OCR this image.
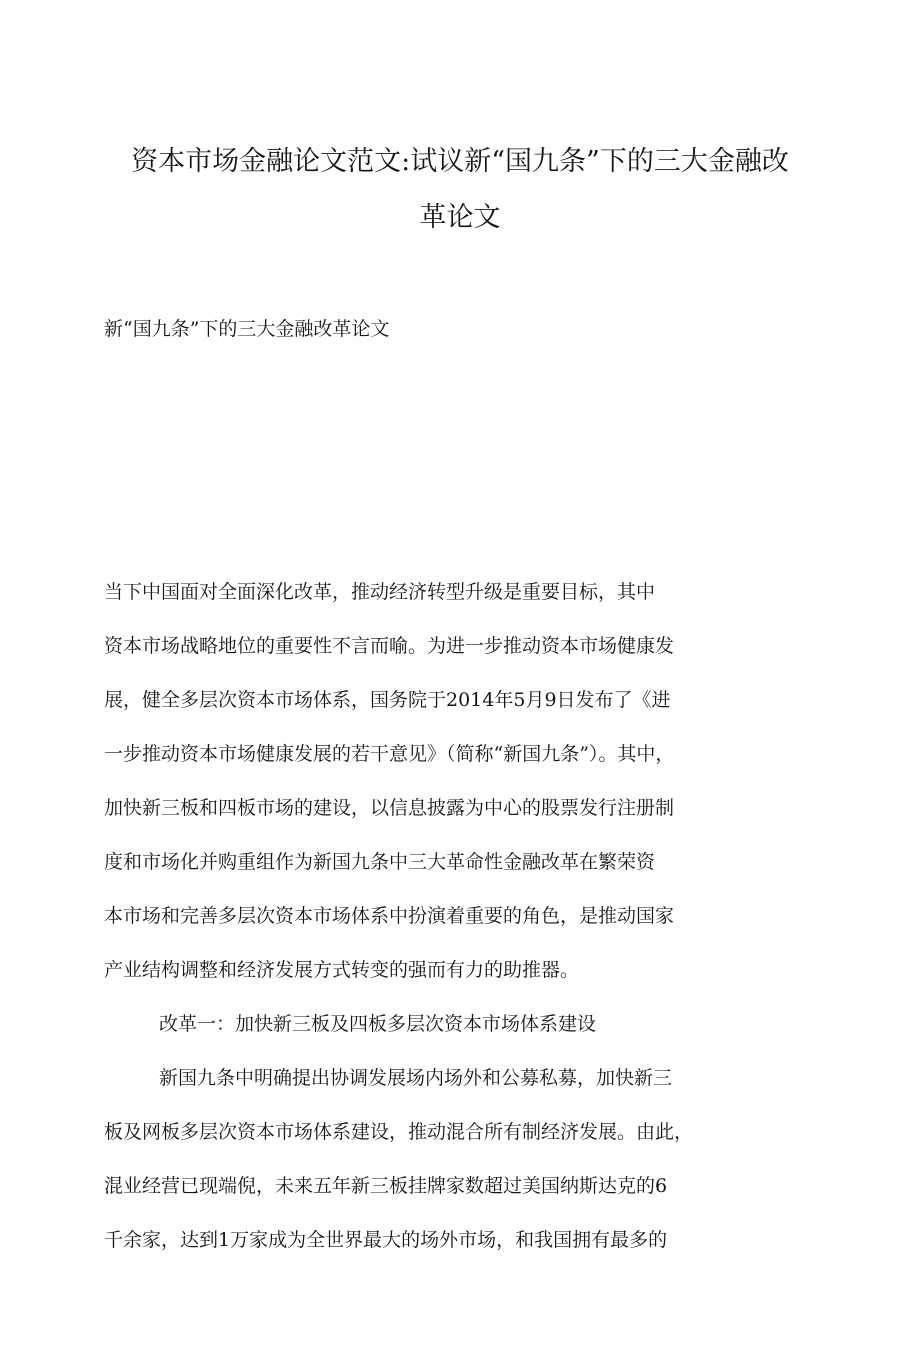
资本市场金融论文范文:试议新“国九条”下的三大金融改
革论文
新“国九条”下的三大金融改革论文
当下中国面对全面深化改革，推动经济转型升级是重要目标，其中
资本市场战略地位的重要性不言而喻。为进一步推动资本市场健康发
展，健全多层次资本市场体系，国务院于2014年5月9日发布了《进
一步推动资本市场健康发展的若干意见》（简称“新国九条”）。其中，
加快新三板和四板市场的建设，以信息披露为中心的股票发行注册制
度和市场化并购重组作为新国九条中三大革命性金融改革在繁荣资
本市场和完善多层次资本市场体系中扮演着重要的角色，是推动国家
产业结构调整和经济发展方式转变的强而有力的助推器。
改革一：加快新三板及四板多层次资本市场体系建设
新国九条中明确提出协调发展场内场外和公募私募，加快新三
板及网板多层次资本市场体系建设，推动混合所有制经济发展。由此，
混业经营已现端倪，未来五年新三板挂牌家数超过美国纳斯达克的6
千余家，达到1万家成为全世界最大的场外市场，和我国拥有最多的
